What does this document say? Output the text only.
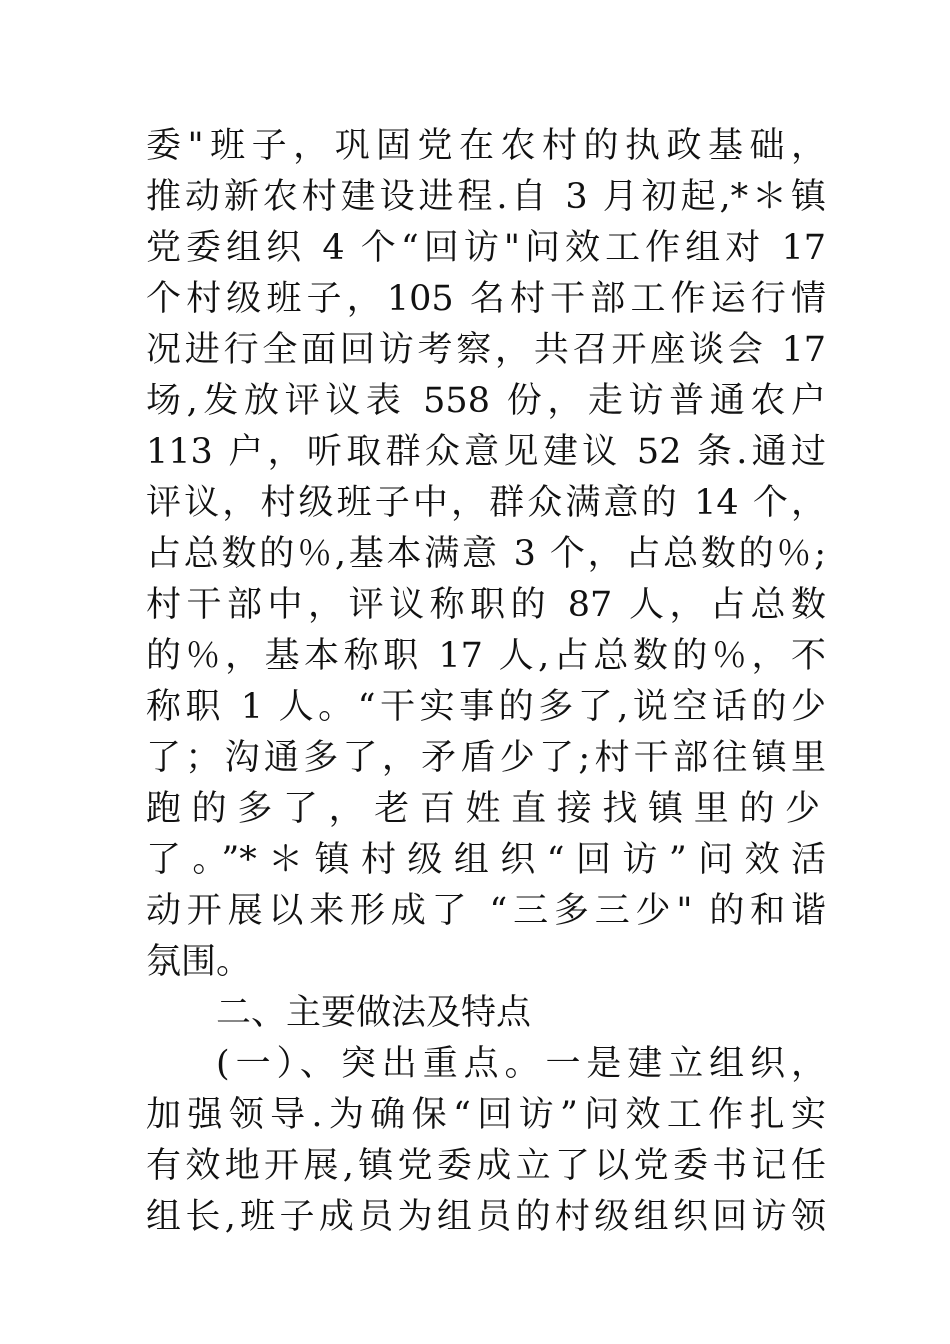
委"班子，巩固党在农村的执政基础，
推动新农村建设进程.自 3 月初起,*＊镇
党委组织 4 个“回访"问效工作组对 17
个村级班子，105 名村干部工作运行情
况进行全面回访考察，共召开座谈会 17
场,发放评议表 558 份，走访普通农户
113 户，听取群众意见建议 52 条.通过
评议，村级班子中，群众满意的 14 个，
占总数的％,基本满意 3 个，占总数的％;
村干部中，评议称职的 87 人，占总数
的％，基本称职 17 人,占总数的％，不
称职 1 人。“干实事的多了,说空话的少
了；沟通多了，矛盾少了;村干部往镇里
跑的多了，老百姓直接找镇里的少
了。”*＊镇村级组织“回访”问效活
动开展以来形成了 “三多三少" 的和谐
氛围。
二、主要做法及特点
(一）、突出重点。一是建立组织，
加强领导.为确保“回访”问效工作扎实
有效地开展,镇党委成立了以党委书记任
组长,班子成员为组员的村级组织回访领
